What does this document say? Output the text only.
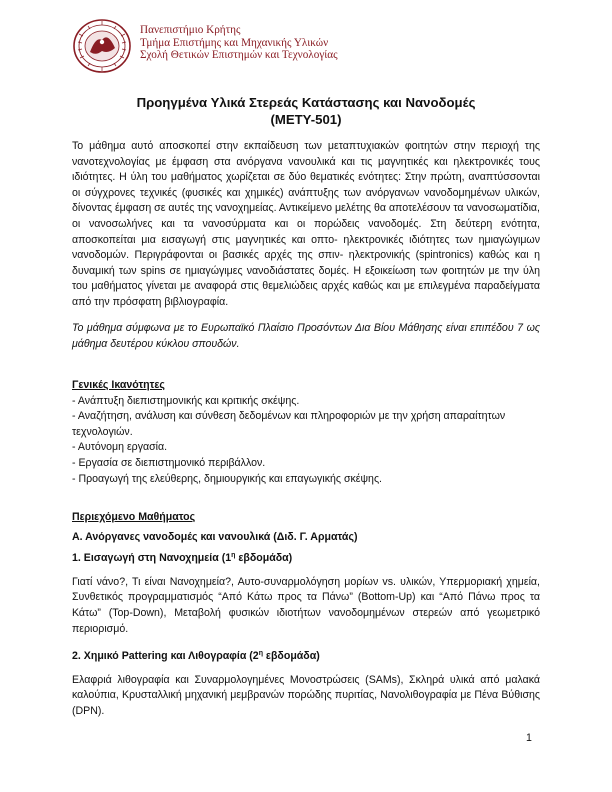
Πανεπιστήμιο Κρήτης
Τμήμα Επιστήμης και Μηχανικής Υλικών
Σχολή Θετικών Επιστημών και Τεχνολογίας
Προηγμένα Υλικά Στερεάς Κατάστασης και Νανοδομές
(ΜΕΤΥ-501)
Το μάθημα αυτό αποσκοπεί στην εκπαίδευση των μεταπτυχιακών φοιτητών στην περιοχή της νανοτεχνολογίας με έμφαση στα ανόργανα νανουλικά και τις μαγνητικές και ηλεκτρονικές τους ιδιότητες. Η ύλη του μαθήματος χωρίζεται σε δύο θεματικές ενότητες: Στην πρώτη, αναπτύσσονται οι σύγχρονες τεχνικές (φυσικές και χημικές) ανάπτυξης των ανόργανων νανοδομημένων υλικών, δίνοντας έμφαση σε αυτές της νανοχημείας. Αντικείμενο μελέτης θα αποτελέσουν τα νανοσωματίδια, οι νανοσωλήνες και τα νανοσύρματα και οι πορώδεις νανοδομές. Στη δεύτερη ενότητα, αποσκοπείται μια εισαγωγή στις μαγνητικές και οπτο- ηλεκτρονικές ιδιότητες των ημιαγώγιμων νανοδομών. Περιγράφονται οι βασικές αρχές της σπιν- ηλεκτρονικής (spintronics) καθώς και η δυναμική των spins σε ημιαγώγιμες νανοδιάστατες δομές. Η εξοικείωση των φοιτητών με την ύλη του μαθήματος γίνεται με αναφορά στις θεμελιώδεις αρχές καθώς και με επιλεγμένα παραδείγματα από την πρόσφατη βιβλιογραφία.
Το μάθημα σύμφωνα με το Ευρωπαϊκό Πλαίσιο Προσόντων Δια Βίου Μάθησης είναι επιπέδου 7 ως μάθημα δευτέρου κύκλου σπουδών.
Γενικές Ικανότητες
- Ανάπτυξη διεπιστημονικής και κριτικής σκέψης.
- Αναζήτηση, ανάλυση και σύνθεση δεδομένων και πληροφοριών με την χρήση απαραίτητων
τεχνολογιών.
- Αυτόνομη εργασία.
- Εργασία σε διεπιστημονικό περιβάλλον.
- Προαγωγή της ελεύθερης, δημιουργικής και επαγωγικής σκέψης.
Περιεχόμενο Μαθήματος
Α. Ανόργανες νανοδομές και νανουλικά (Διδ. Γ. Αρματάς)
1. Εισαγωγή στη Νανοχημεία ($1^\eta$ εβδομάδα)
Γιατί νάνο?, Τι είναι Νανοχημεία?, Αυτο-συναρμολόγηση μορίων vs. υλικών, Υπερμοριακή χημεία, Συνθετικός προγραμματισμός “Από Κάτω προς τα Πάνω” (Bottom-Up) και “Από Πάνω προς τα Κάτω” (Top-Down), Μεταβολή φυσικών ιδιοτήτων νανοδομημένων στερεών από γεωμετρικό περιορισμό.
2. Χημικό Pattering και Λιθογραφία ($2^\eta$ εβδομάδα)
Ελαφριά λιθογραφία και Συναρμολογημένες Μονοστρώσεις (SAMs), Σκληρά υλικά από μαλακά καλούπια, Κρυσταλλική μηχανική μεμβρανών πορώδης πυριτίας, Νανολιθογραφία με Πένα Βύθισης (DPN).
1
